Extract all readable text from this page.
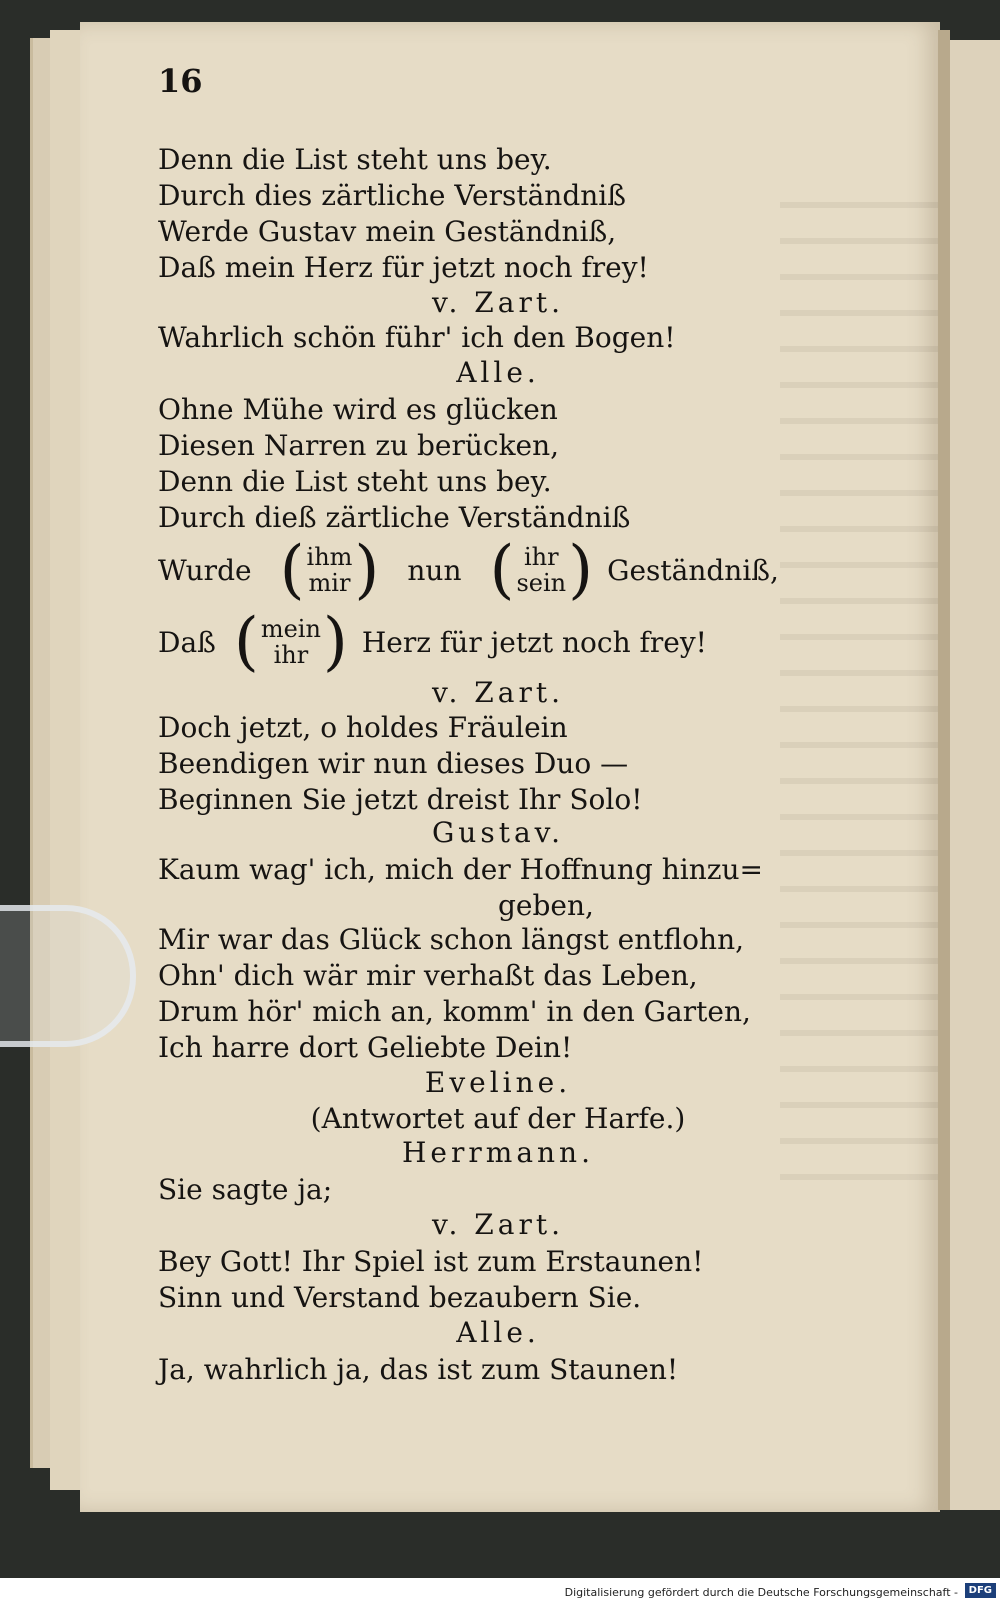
16
Denn die List steht uns bey.
Durch dies zärtliche Verständniß
Werde Gustav mein Geständniß,
Daß mein Herz für jetzt noch frey!
v. Zart.
Wahrlich schön führ' ich den Bogen!
Alle.
Ohne Mühe wird es glücken
Diesen Narren zu berücken,
Denn die List steht uns bey.
Durch dieß zärtliche Verständniß
Wurde ( ihm
mir ) nun ( ihr
sein ) Geständniß,
Daß ( mein
ihr ) Herz für jetzt noch frey!
v. Zart.
Doch jetzt, o holdes Fräulein
Beendigen wir nun dieses Duo —
Beginnen Sie jetzt dreist Ihr Solo!
Gustav.
Kaum wag' ich, mich der Hoffnung hinzu=
geben,
Mir war das Glück schon längst entflohn,
Ohn' dich wär mir verhaßt das Leben,
Drum hör' mich an, komm' in den Garten,
Ich harre dort Geliebte Dein!
Eveline.
(Antwortet auf der Harfe.)
Herrmann.
Sie sagte ja;
v. Zart.
Bey Gott! Ihr Spiel ist zum Erstaunen!
Sinn und Verstand bezaubern Sie.
Alle.
Ja, wahrlich ja, das ist zum Staunen!
Digitalisierung gefördert durch die Deutsche Forschungsgemeinschaft -	DFG
